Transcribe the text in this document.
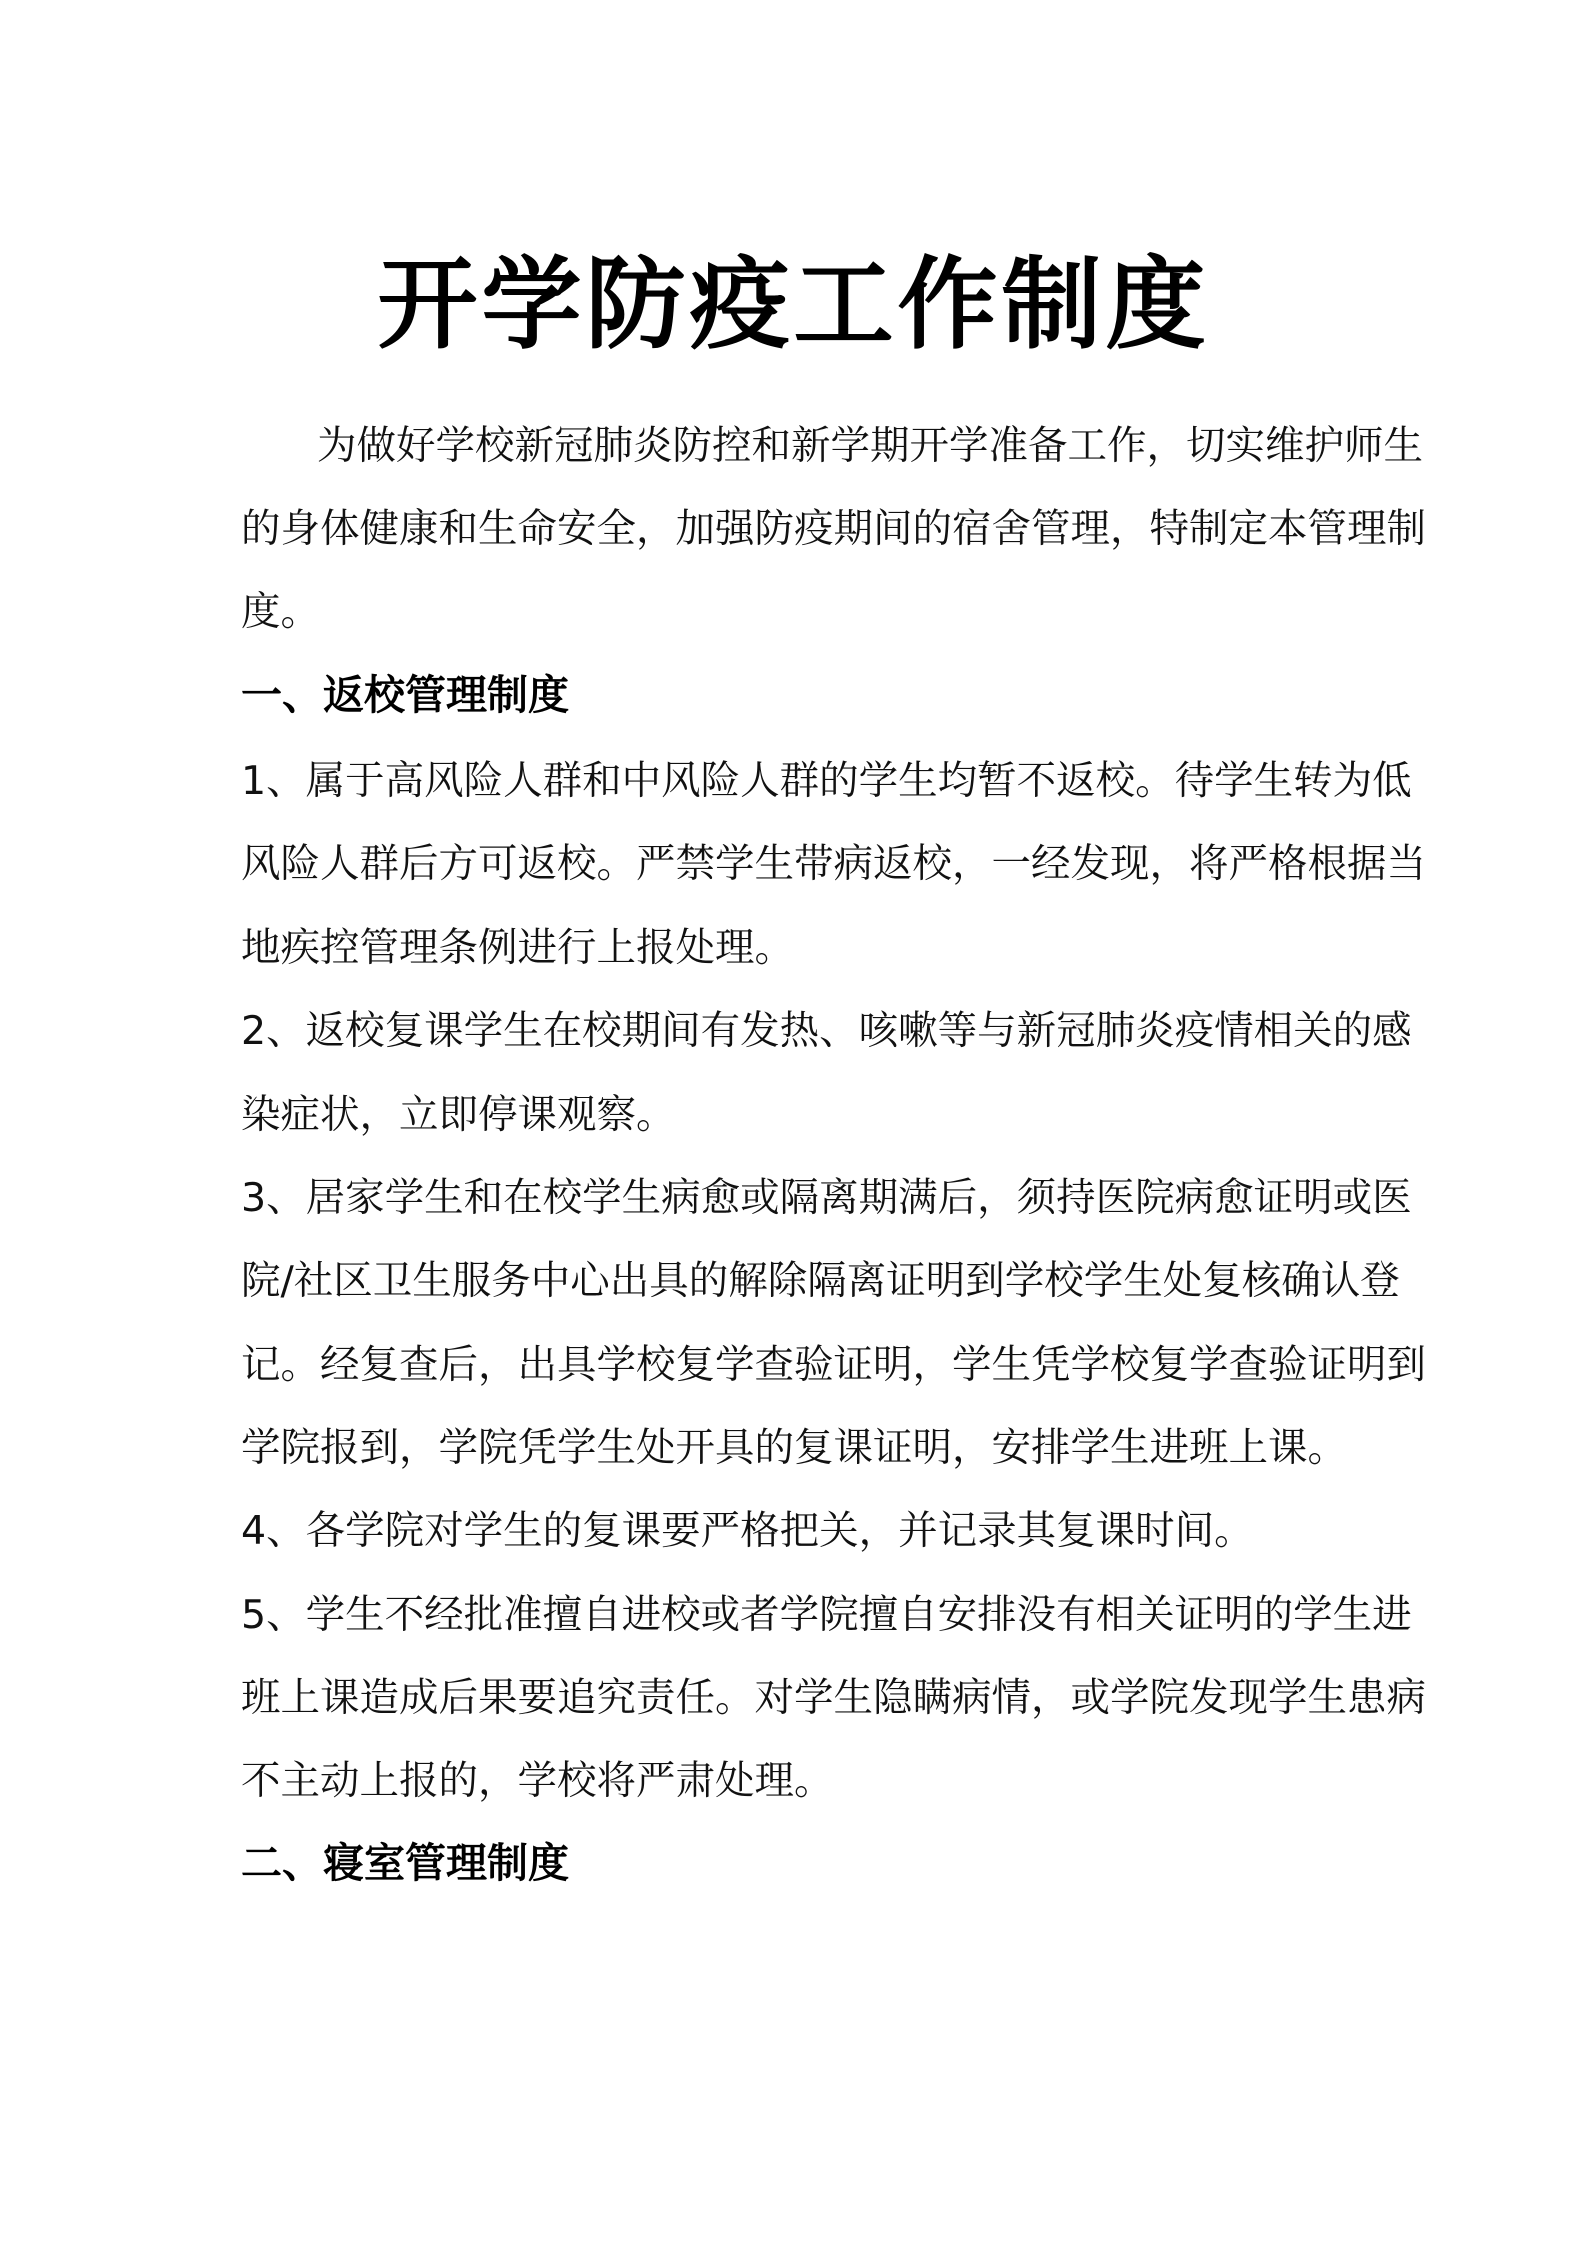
开学防疫工作制度
为做好学校新冠肺炎防控和新学期开学准备工作，切实维护师生
的身体健康和生命安全，加强防疫期间的宿舍管理，特制定本管理制
度。
一、返校管理制度
1、属于高风险人群和中风险人群的学生均暂不返校。待学生转为低
风险人群后方可返校。严禁学生带病返校，一经发现，将严格根据当
地疾控管理条例进行上报处理。
2、返校复课学生在校期间有发热、咳嗽等与新冠肺炎疫情相关的感
染症状，立即停课观察。
3、居家学生和在校学生病愈或隔离期满后，须持医院病愈证明或医
院/社区卫生服务中心出具的解除隔离证明到学校学生处复核确认登
记。经复查后，出具学校复学查验证明，学生凭学校复学查验证明到
学院报到，学院凭学生处开具的复课证明，安排学生进班上课。
4、各学院对学生的复课要严格把关，并记录其复课时间。
5、学生不经批准擅自进校或者学院擅自安排没有相关证明的学生进
班上课造成后果要追究责任。对学生隐瞒病情，或学院发现学生患病
不主动上报的，学校将严肃处理。
二、寝室管理制度
